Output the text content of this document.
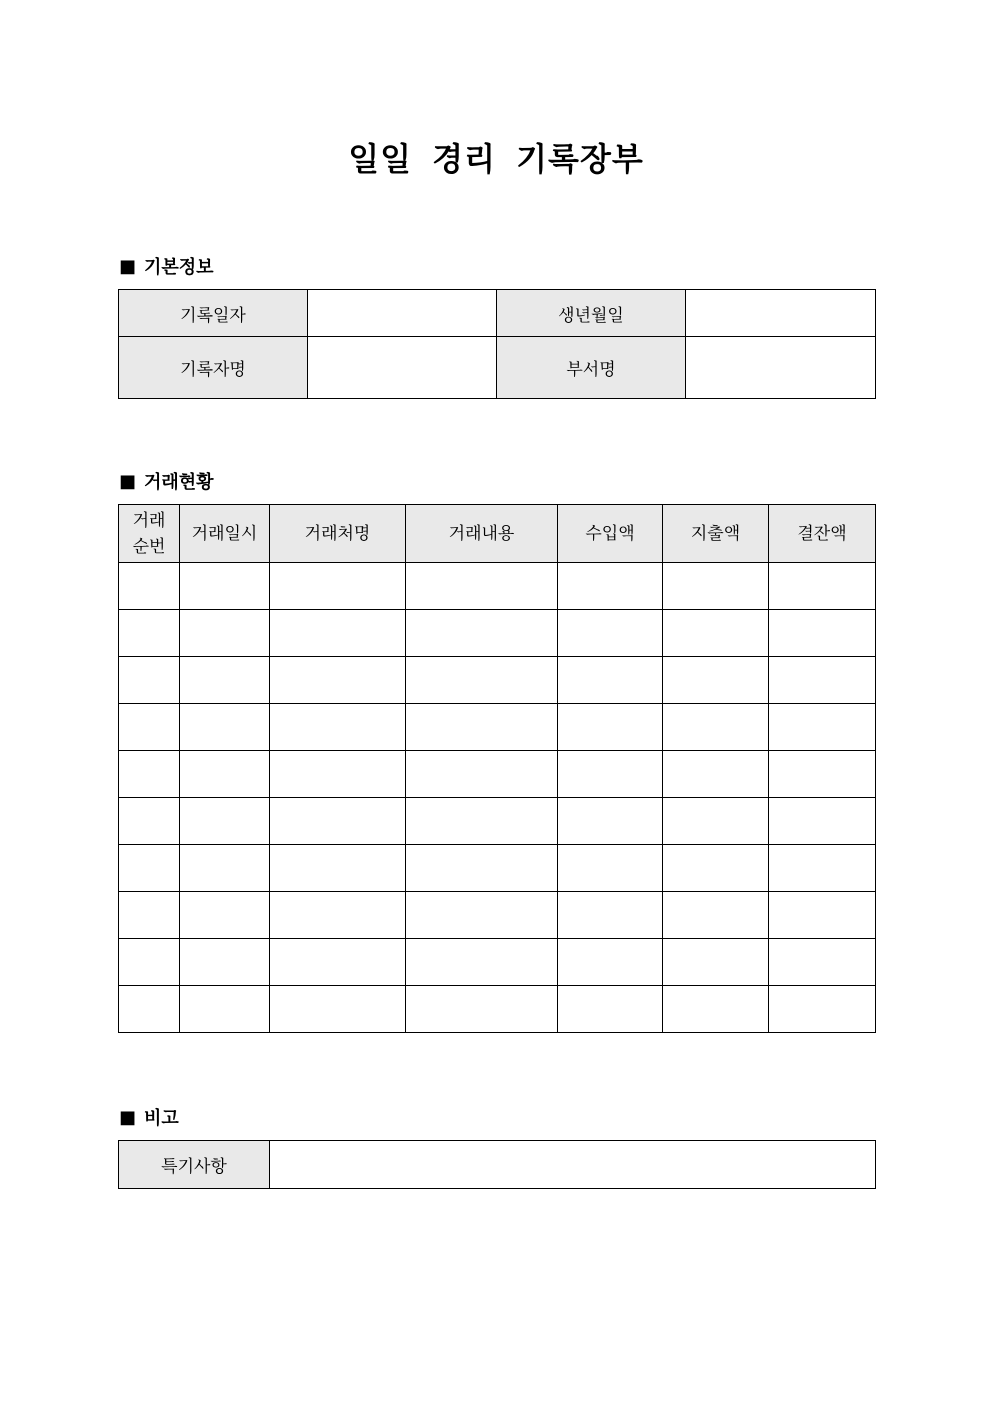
일일 경리 기록장부
■ 기본정보
기록일자		생년월일	
기록자명		부서명	
■ 거래현황
거래
순번	거래일시	거래처명	거래내용	수입액	지출액	결잔액

■ 비고
특기사항	
